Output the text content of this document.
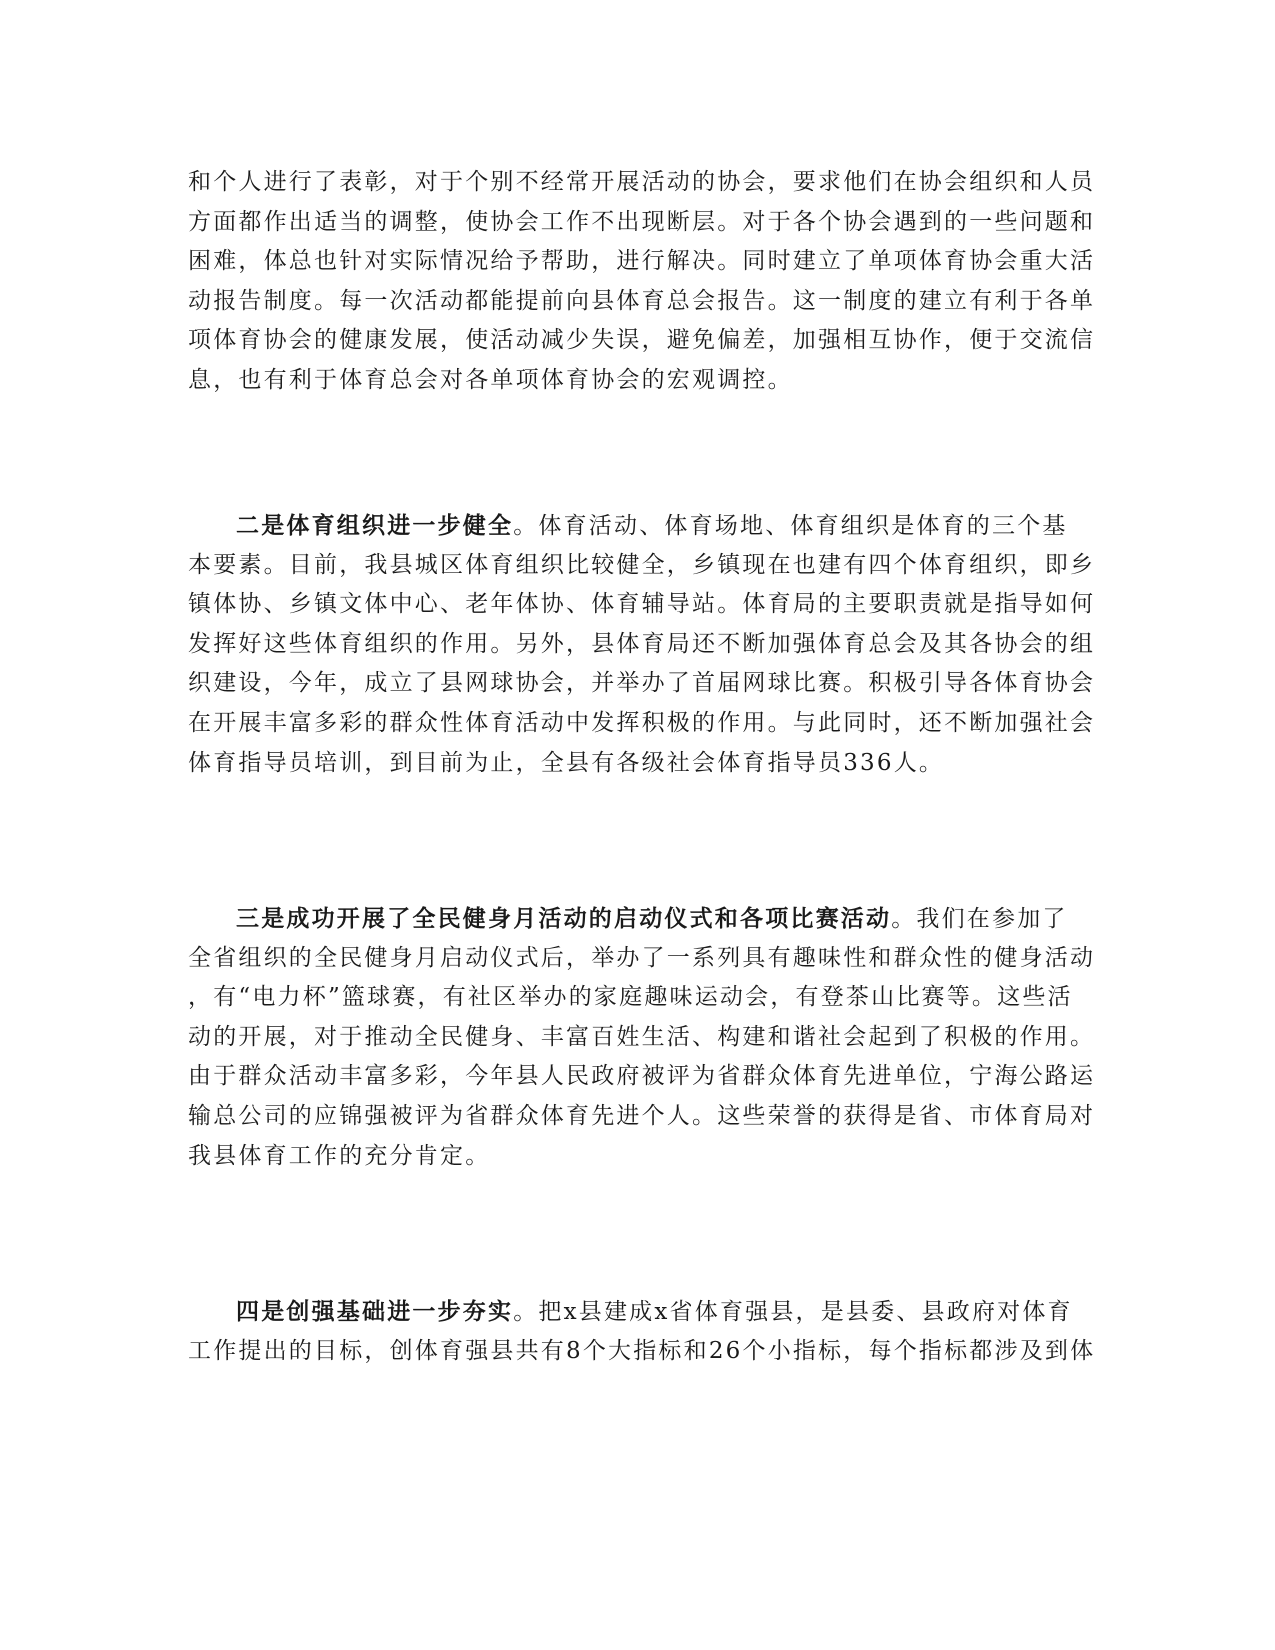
和个人进行了表彰，对于个别不经常开展活动的协会，要求他们在协会组织和人员
方面都作出适当的调整，使协会工作不出现断层。对于各个协会遇到的一些问题和
困难，体总也针对实际情况给予帮助，进行解决。同时建立了单项体育协会重大活
动报告制度。每一次活动都能提前向县体育总会报告。这一制度的建立有利于各单
项体育协会的健康发展，使活动减少失误，避免偏差，加强相互协作，便于交流信
息，也有利于体育总会对各单项体育协会的宏观调控。
二是体育组织进一步健全。体育活动、体育场地、体育组织是体育的三个基
本要素。目前，我县城区体育组织比较健全，乡镇现在也建有四个体育组织，即乡
镇体协、乡镇文体中心、老年体协、体育辅导站。体育局的主要职责就是指导如何
发挥好这些体育组织的作用。另外，县体育局还不断加强体育总会及其各协会的组
织建设，今年，成立了县网球协会，并举办了首届网球比赛。积极引导各体育协会
在开展丰富多彩的群众性体育活动中发挥积极的作用。与此同时，还不断加强社会
体育指导员培训，到目前为止，全县有各级社会体育指导员336人。
三是成功开展了全民健身月活动的启动仪式和各项比赛活动。我们在参加了
全省组织的全民健身月启动仪式后，举办了一系列具有趣味性和群众性的健身活动
，有“电力杯”篮球赛，有社区举办的家庭趣味运动会，有登茶山比赛等。这些活
动的开展，对于推动全民健身、丰富百姓生活、构建和谐社会起到了积极的作用。
由于群众活动丰富多彩，今年县人民政府被评为省群众体育先进单位，宁海公路运
输总公司的应锦强被评为省群众体育先进个人。这些荣誉的获得是省、市体育局对
我县体育工作的充分肯定。
四是创强基础进一步夯实。把x县建成x省体育强县，是县委、县政府对体育
工作提出的目标，创体育强县共有8个大指标和26个小指标，每个指标都涉及到体
